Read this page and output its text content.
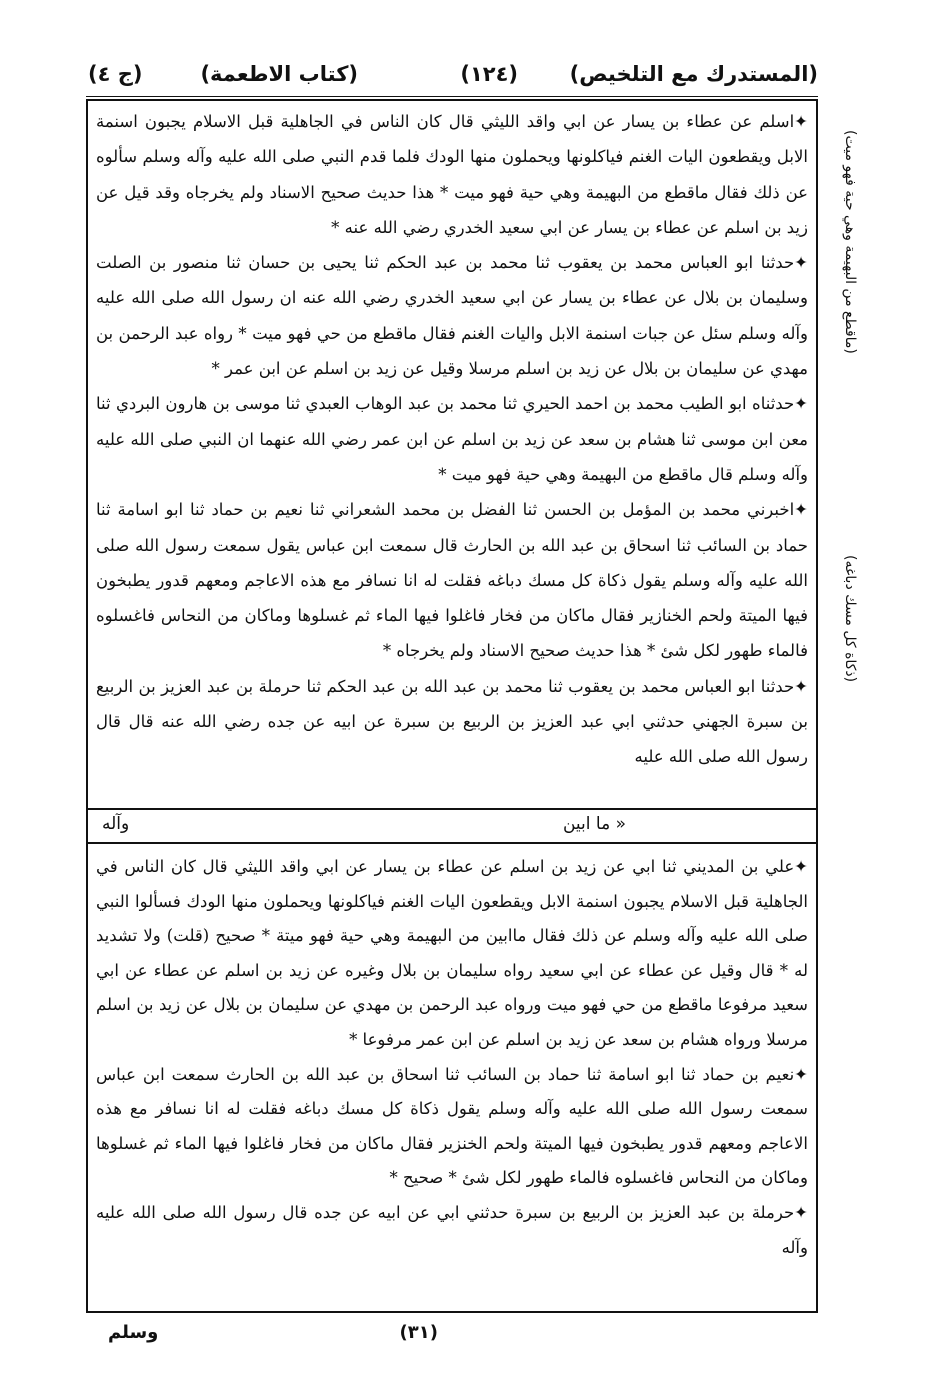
(المستدرك مع التلخيص)
(١٢٤)
(كتاب الاطعمة)
(ج ٤)

✦ اسلم عن عطاء بن يسار عن ابي واقد الليثي قال كان الناس في الجاهلية قبل الاسلام يجبون اسنمة الابل ويقطعون اليات الغنم فياكلونها ويحملون منها الودك فلما قدم النبي صلى الله عليه وآله وسلم سألوه عن ذلك فقال ماقطع من البهيمة وهي حية فهو ميت * هذا حديث صحيح الاسناد ولم يخرجاه وقد قيل عن زيد بن اسلم عن عطاء بن يسار عن ابي سعيد الخدري رضي الله عنه *

✦ حدثنا ابو العباس محمد بن يعقوب ثنا محمد بن عبد الحكم ثنا يحيى بن حسان ثنا منصور بن الصلت وسليمان بن بلال عن عطاء بن يسار عن ابي سعيد الخدري رضي الله عنه ان رسول الله صلى الله عليه وآله وسلم سئل عن جبات اسنمة الابل واليات الغنم فقال ماقطع من حي فهو ميت * رواه عبد الرحمن بن مهدي عن سليمان بن بلال عن زيد بن اسلم مرسلا وقيل عن زيد بن اسلم عن ابن عمر *

✦ حدثناه ابو الطيب محمد بن احمد الحيري ثنا محمد بن عبد الوهاب العبدي ثنا موسى بن هارون البردي ثنا معن ابن موسى ثنا هشام بن سعد عن زيد بن اسلم عن ابن عمر رضي الله عنهما ان النبي صلى الله عليه وآله وسلم قال ماقطع من البهيمة وهي حية فهو ميت *

✦ اخبرني محمد بن المؤمل بن الحسن ثنا الفضل بن محمد الشعراني ثنا نعيم بن حماد ثنا ابو اسامة ثنا حماد بن السائب ثنا اسحاق بن عبد الله بن الحارث قال سمعت ابن عباس يقول سمعت رسول الله صلى الله عليه وآله وسلم يقول ذكاة كل مسك دباغه فقلت له انا نسافر مع هذه الاعاجم ومعهم قدور يطبخون فيها الميتة ولحم الخنازير فقال ماكان من فخار فاغلوا فيها الماء ثم غسلوها وماكان من النحاس فاغسلوه فالماء طهور لكل شئ * هذا حديث صحيح الاسناد ولم يخرجاه *

✦ حدثنا ابو العباس محمد بن يعقوب ثنا محمد بن عبد الله بن عبد الحكم ثنا حرملة بن عبد العزيز بن الربيع بن سبرة الجهني حدثني ابي عبد العزيز بن الربيع بن سبرة عن ابيه عن جده رضي الله عنه قال قال رسول الله صلى الله عليه

(ماقطع من البهيمة وهي حية فهو ميت)
(ذكاة كل مسك دباغه)
« ما ابين
وآله

✦ علي بن المديني ثنا ابي عن زيد بن اسلم عن عطاء بن يسار عن ابي واقد الليثي قال كان الناس في الجاهلية قبل الاسلام يجبون اسنمة الابل ويقطعون اليات الغنم فياكلونها ويحملون منها الودك فسألوا النبي صلى الله عليه وآله وسلم عن ذلك فقال ماابين من البهيمة وهي حية فهو ميتة * صحيح (قلت) ولا تشديد له * قال وقيل عن عطاء عن ابي سعيد رواه سليمان بن بلال وغيره عن زيد بن اسلم عن عطاء عن ابي سعيد مرفوعا ماقطع من حي فهو ميت ورواه عبد الرحمن بن مهدي عن سليمان بن بلال عن زيد بن اسلم مرسلا ورواه هشام بن سعد عن زيد بن اسلم عن ابن عمر مرفوعا *

✦ نعيم بن حماد ثنا ابو اسامة ثنا حماد بن السائب ثنا اسحاق بن عبد الله بن الحارث سمعت ابن عباس سمعت رسول الله صلى الله عليه وآله وسلم يقول ذكاة كل مسك دباغه فقلت له انا نسافر مع هذه الاعاجم ومعهم قدور يطبخون فيها الميتة ولحم الخنزير فقال ماكان من فخار فاغلوا فيها الماء ثم غسلوها وماكان من النحاس فاغسلوه فالماء طهور لكل شئ * صحيح *

✦ حرملة بن عبد العزيز بن الربيع بن سبرة حدثني ابي عن ابيه عن جده قال رسول الله صلى الله عليه وآله

(٣١)
وسلم
